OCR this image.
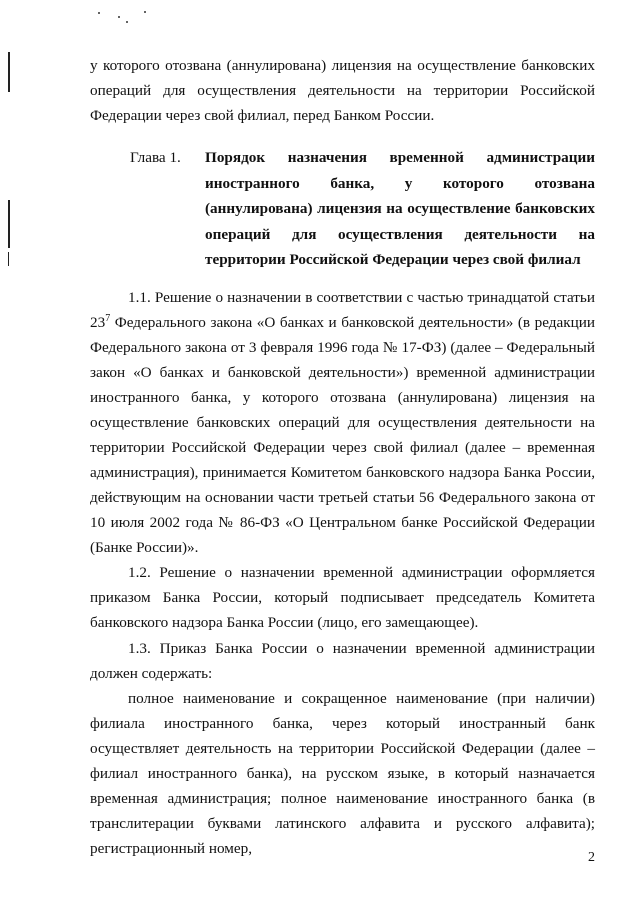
у которого отозвана (аннулирована) лицензия на осуществление банковских операций для осуществления деятельности на территории Российской Федерации через свой филиал, перед Банком России.
Глава 1.	Порядок назначения временной администрации иностранного банка, у которого отозвана (аннулирована) лицензия на осуществление банковских операций для осуществления деятельности на территории Российской Федерации через свой филиал
1.1. Решение о назначении в соответствии с частью тринадцатой статьи $23^7$ Федерального закона «О банках и банковской деятельности» (в редакции Федерального закона от 3 февраля 1996 года № 17-ФЗ) (далее – Федеральный закон «О банках и банковской деятельности») временной администрации иностранного банка, у которого отозвана (аннулирована) лицензия на осуществление банковских операций для осуществления деятельности на территории Российской Федерации через свой филиал (далее – временная администрация), принимается Комитетом банковского надзора Банка России, действующим на основании части третьей статьи 56 Федерального закона от 10 июля 2002 года № 86-ФЗ «О Центральном банке Российской Федерации (Банке России)».
1.2. Решение о назначении временной администрации оформляется приказом Банка России, который подписывает председатель Комитета банковского надзора Банка России (лицо, его замещающее).
1.3. Приказ Банка России о назначении временной администрации должен содержать:
полное наименование и сокращенное наименование (при наличии) филиала иностранного банка, через который иностранный банк осуществляет деятельность на территории Российской Федерации (далее – филиал иностранного банка), на русском языке, в который назначается временная администрация; полное наименование иностранного банка (в транслитерации буквами латинского алфавита и русского алфавита); регистрационный номер,
2
